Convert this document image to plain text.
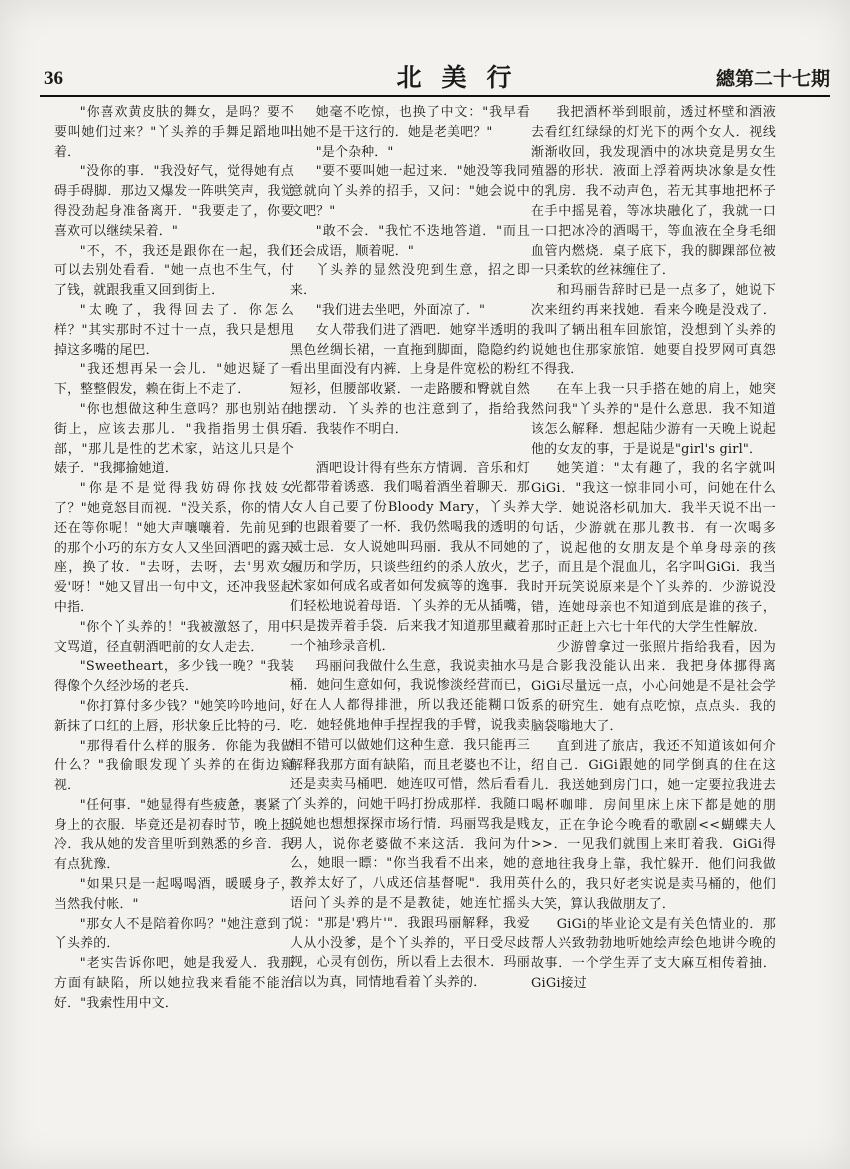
36	北美行	總第二十七期

"你喜欢黄皮肤的舞女，是吗？要不要叫她们过来？"丫头养的手舞足蹈地叫着．

"没你的事．"我没好气，觉得她有点碍手碍脚．那边又爆发一阵哄笑声，我觉得没劲起身准备离开．"我要走了，你要喜欢可以继续呆着．"

"不，不，我还是跟你在一起，我们可以去别处看看．"她一点也不生气，付了钱，就跟我重又回到街上．

"太晚了，我得回去了．你怎么样？"其实那时不过十一点，我只是想甩掉这多嘴的尾巴．

"我还想再呆一会儿．"她迟疑了一下，整整假发，赖在街上不走了．

"你也想做这种生意吗？那也别站在街上，应该去那儿．"我指指男士俱乐部，"那儿是性的艺术家，站这儿只是个婊子．"我揶揄她道．

"你是不是觉得我妨碍你找妓女了？"她竟怒目而视．"没关系，你的情人还在等你呢！"她大声嚷嚷着．先前见到的那个小巧的东方女人又坐回酒吧的露天座，换了妆．"去呀，去呀，去'男欢女爱'呀！"她又冒出一句中文，还冲我竖起中指．

"你个丫头养的！"我被激怒了，用中文骂道，径直朝酒吧前的女人走去．

"Sweetheart，多少钱一晚？"我装得像个久经沙场的老兵．

"你打算付多少钱？"她笑吟吟地问，新抹了口红的上唇，形状象丘比特的弓．

"那得看什么样的服务．你能为我做什么？"我偷眼发现丫头养的在街边窥视．

"任何事．"她显得有些疲惫，裹紧了身上的衣服．毕竟还是初春时节，晚上挺冷．我从她的发音里听到熟悉的乡音．我有点犹豫．

"如果只是一起喝喝酒，暖暖身子，当然我付帐．"

"那女人不是陪着你吗？"她注意到了丫头养的．

"老实告诉你吧，她是我爱人．我那方面有缺陷，所以她拉我来看能不能治好．"我索性用中文．

她毫不吃惊，也换了中文："我早看出她不是干这行的．她是老美吧？"

"是个杂种．"

"要不要叫她一起过来．"她没等我同意就向丫头养的招手，又问："她会说中文吧？"

"敢不会．"我忙不迭地答道．"而且还会成语，顺着呢．"

丫头养的显然没兜到生意，招之即来．

"我们进去坐吧，外面凉了．"

女人带我们进了酒吧．她穿半透明的黑色丝绸长裙，一直拖到脚面，隐隐约约看出里面没有内裤．上身是件宽松的粉红短衫，但腰部收紧．一走路腰和臀就自然地摆动．丫头养的也注意到了，指给我看．我装作不明白．

酒吧设计得有些东方情调．音乐和灯光都带着诱惑．我们喝着酒坐着聊天．那女人自己要了份Bloody Mary，丫头养的也跟着要了一杯．我仍然喝我的透明的威士忌．女人说她叫玛丽．我从不同她的履历和学历，只谈些纽约的杀人放火，艺术家如何成名或者如何发疯等的逸事．我们轻松地说着母语．丫头养的无从插嘴，只是拨弄着手袋．后来我才知道那里藏着一个袖珍录音机．

玛丽问我做什么生意，我说卖抽水马桶．她问生意如何，我说惨淡经营而已，好在人人都得排泄，所以我还能糊口饭吃．她轻佻地伸手捏捏我的手臂，说我卖相不错可以做她们这种生意．我只能再三解释我那方面有缺陷，而且老婆也不让，还是卖卖马桶吧．她连叹可惜，然后看看丫头养的，问她干吗打扮成那样．我随口说她也想想探探市场行情．玛丽骂我是贱男人，说你老婆做不来这活．我问为什么，她眼一瞟："你当我看不出来，她的教养太好了，八成还信基督呢"．我用英语问丫头养的是不是教徒，她连忙摇头说："那是'鸦片'"．我跟玛丽解释，我爱人从小没爹，是个丫头养的，平日受尽歧视，心灵有创伤，所以看上去很木．玛丽信以为真，同情地看着丫头养的．

我把酒杯举到眼前，透过杯壁和酒液去看红红绿绿的灯光下的两个女人．视线渐渐收回，我发现酒中的冰块竟是男女生殖器的形状．液面上浮着两块冰象是女性的乳房．我不动声色，若无其事地把杯子在手中摇晃着，等冰块融化了，我就一口一口把冰冷的酒喝干，等血液在全身毛细血管内燃烧．桌子底下，我的脚踝部位被一只柔软的丝袜缠住了．

和玛丽告辞时已是一点多了，她说下次来纽约再来找她．看来今晚是没戏了．我叫了辆出租车回旅馆，没想到丫头养的说她也住那家旅馆．她要自投罗网可真怨不得我．

在车上我一只手搭在她的肩上，她突然问我"丫头养的"是什么意思．我不知道该怎么解释．想起陆少游有一天晚上说起他的女友的事，于是说是"girl's girl"．

她笑道："太有趣了，我的名字就叫GiGi．"我这一惊非同小可，问她在什么大学．她说洛杉矶加大．我半天说不出一句话，少游就在那儿教书．有一次喝多了，说起他的女朋友是个单身母亲的孩子，而且是个混血儿，名字叫GiGi．我当时开玩笑说原来是个丫头养的．少游说没错，连她母亲也不知道到底是谁的孩子，那时正赶上六七十年代的大学生性解放．

少游曾拿过一张照片指给我看，因为是合影我没能认出来．我把身体挪得离GiGi尽量远一点，小心问她是不是社会学系的研究生．她有点吃惊，点点头．我的脑袋嗡地大了．

直到进了旅店，我还不知道该如何介绍自己．GiGi跟她的同学倒真的住在这儿．我送她到房门口，她一定要拉我进去喝杯咖啡．房间里床上床下都是她的朋友，正在争论今晚看的歌剧<<蝴蝶夫人>>．一见我们就围上来盯着我．GiGi得意地往我身上靠，我忙躲开．他们问我做什么的，我只好老实说是卖马桶的，他们大笑，算认我做朋友了．

GiGi的毕业论文是有关色情业的．那帮人兴致勃勃地听她绘声绘色地讲今晚的故事．一个学生弄了支大麻互相传着抽．GiGi接过
